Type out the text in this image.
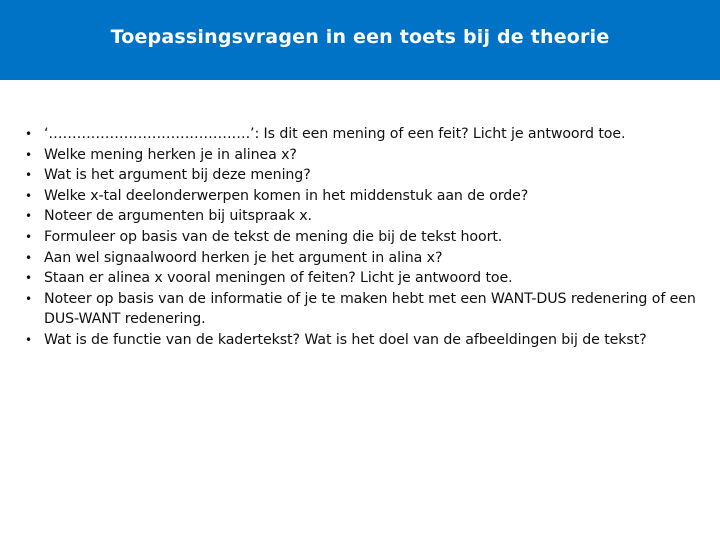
Toepassingsvragen in een toets bij de theorie
• ‘…………………………………….’: Is dit een mening of een feit? Licht je antwoord toe.
• Welke mening herken je in alinea x?
• Wat is het argument bij deze mening?
• Welke x-tal deelonderwerpen komen in het middenstuk aan de orde?
• Noteer de argumenten bij uitspraak x.
• Formuleer op basis van de tekst de mening die bij de tekst hoort.
• Aan wel signaalwoord herken je het argument in alina x?
• Staan er alinea x vooral meningen of feiten? Licht je antwoord toe.
• Noteer op basis van de informatie of je te maken hebt met een WANT-DUS redenering of een DUS-WANT redenering.
• Wat is de functie van de kadertekst? Wat is het doel van de afbeeldingen bij de tekst?
